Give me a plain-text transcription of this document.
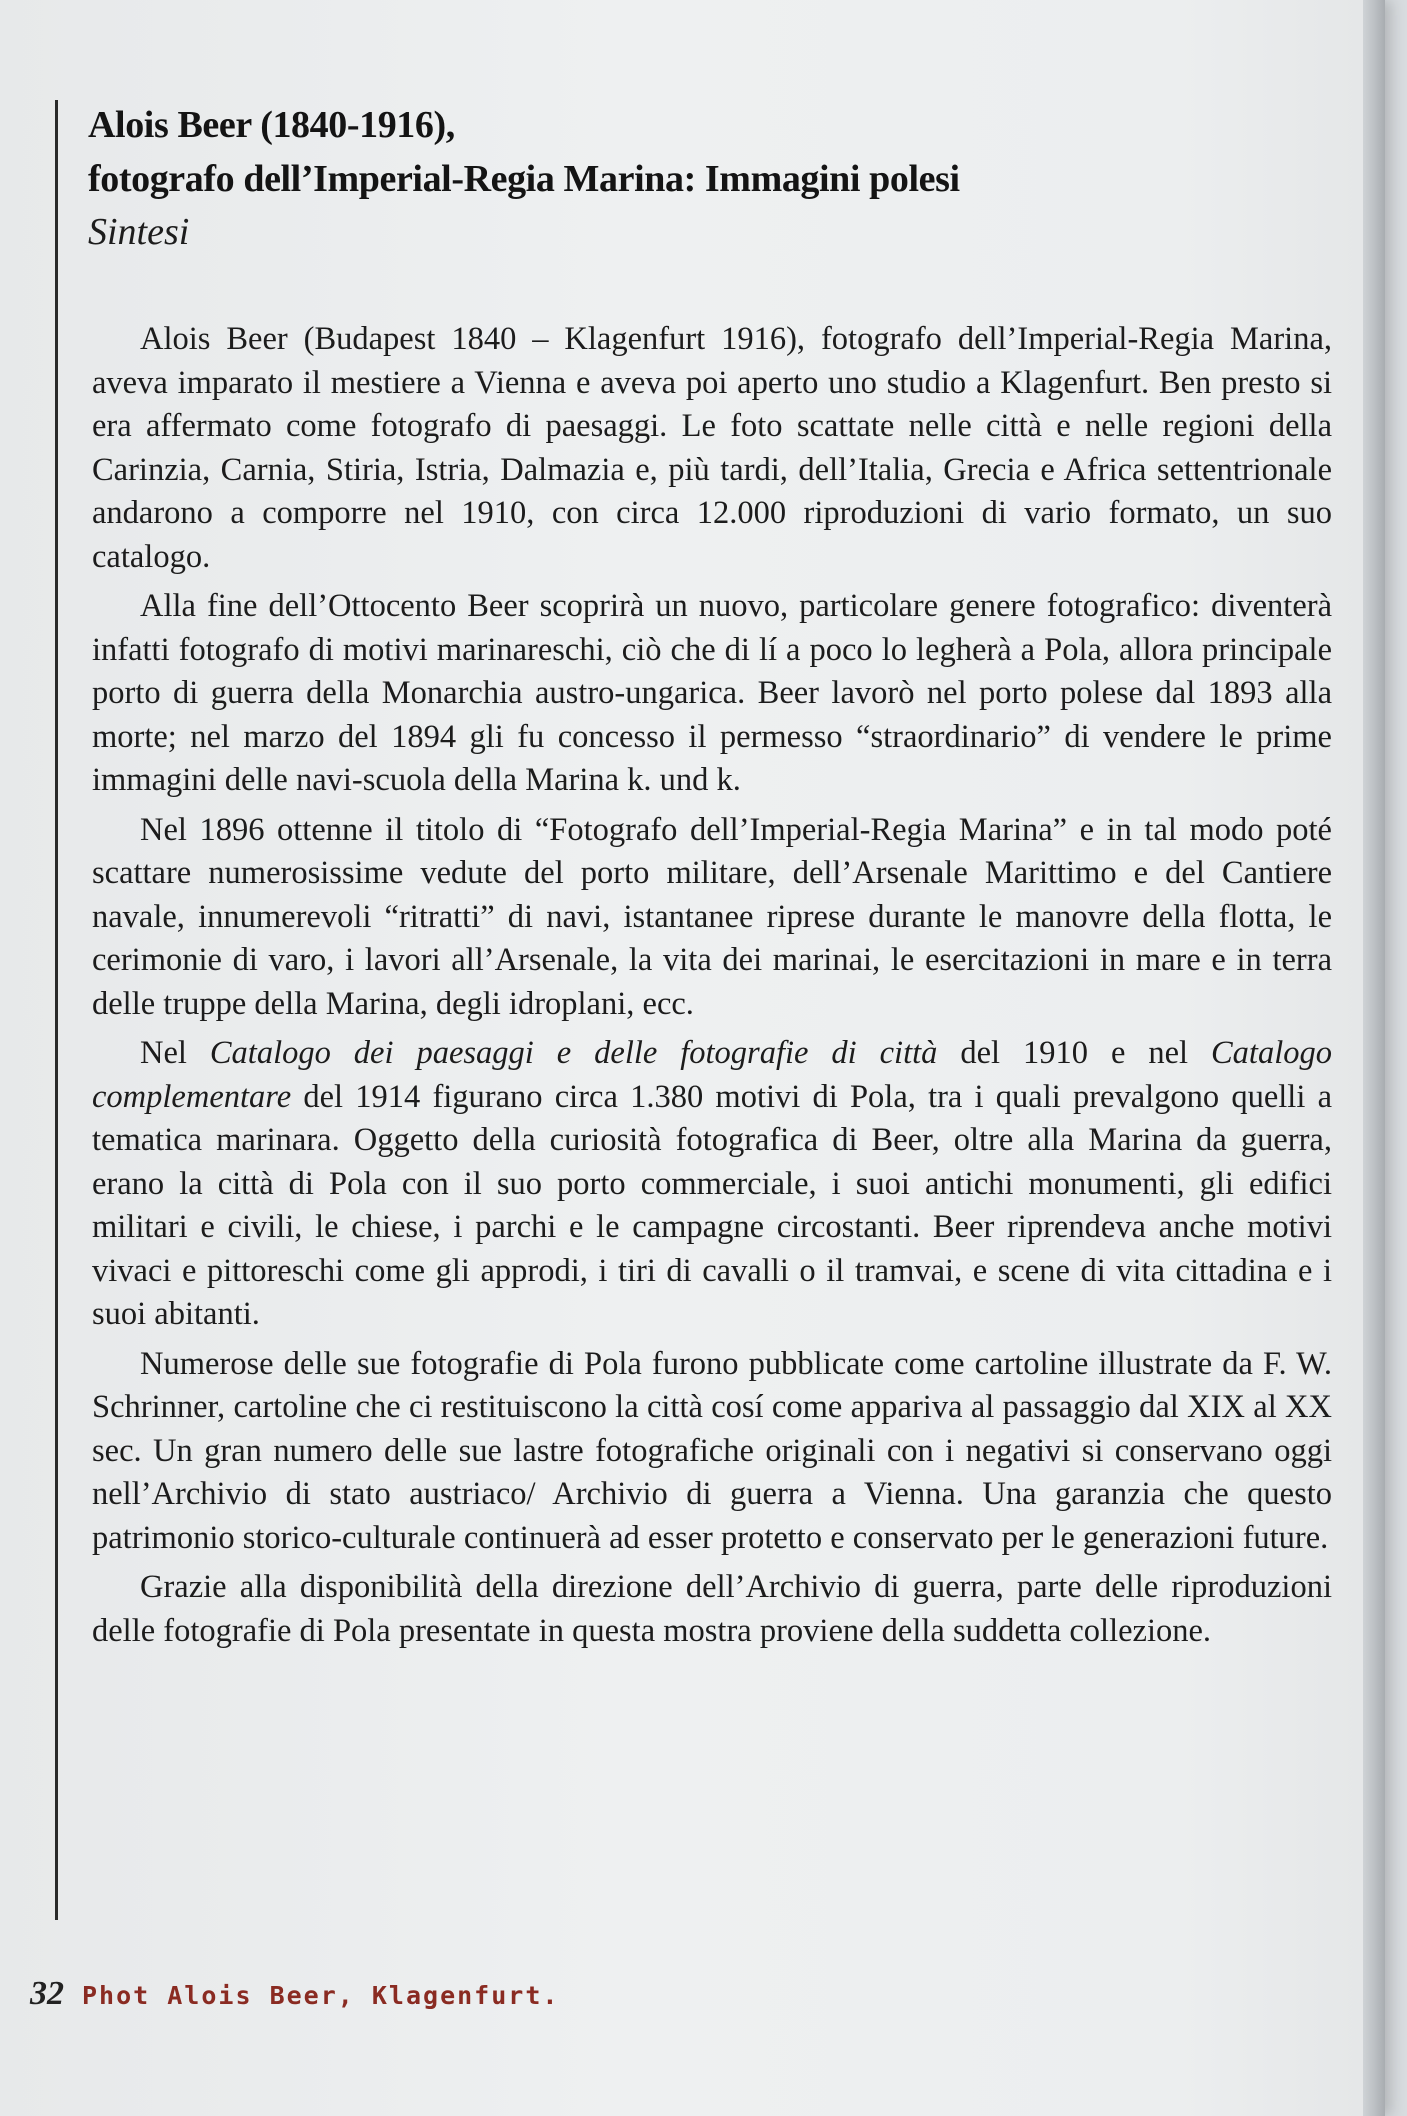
Alois Beer (1840-1916),
fotografo dell’Imperial-Regia Marina: Immagini polesi
Sintesi

Alois Beer (Budapest 1840 – Klagenfurt 1916), fotografo dell’Imperial-Regia Marina, aveva imparato il mestiere a Vienna e aveva poi aperto uno studio a Klagenfurt. Ben presto si era affermato come fotografo di paesaggi. Le foto scattate nelle città e nelle regioni della Carinzia, Carnia, Stiria, Istria, Dalmazia e, più tardi, dell’Italia, Grecia e Africa settentrionale andarono a comporre nel 1910, con circa 12.000 riproduzioni di vario formato, un suo catalogo.

Alla fine dell’Ottocento Beer scoprirà un nuovo, particolare genere fotografico: diventerà infatti fotografo di motivi marinareschi, ciò che di lí a poco lo legherà a Pola, allora principale porto di guerra della Monarchia austro-ungarica. Beer lavorò nel porto polese dal 1893 alla morte; nel marzo del 1894 gli fu concesso il permesso “straordinario” di vendere le prime immagini delle navi-scuola della Marina k. und k.

Nel 1896 ottenne il titolo di “Fotografo dell’Imperial-Regia Marina” e in tal modo poté scattare numerosissime vedute del porto militare, dell’Arsenale Marittimo e del Cantiere navale, innumerevoli “ritratti” di navi, istantanee riprese durante le manovre della flotta, le cerimonie di varo, i lavori all’Arsenale, la vita dei marinai, le esercitazioni in mare e in terra delle truppe della Marina, degli idroplani, ecc.

Nel Catalogo dei paesaggi e delle fotografie di città del 1910 e nel Catalogo complementare del 1914 figurano circa 1.380 motivi di Pola, tra i quali prevalgono quelli a tematica marinara. Oggetto della curiosità fotografica di Beer, oltre alla Marina da guerra, erano la città di Pola con il suo porto commerciale, i suoi antichi monumenti, gli edifici militari e civili, le chiese, i parchi e le campagne circostanti. Beer riprendeva anche motivi vivaci e pittoreschi come gli approdi, i tiri di cavalli o il tramvai, e scene di vita cittadina e i suoi abitanti.

Numerose delle sue fotografie di Pola furono pubblicate come cartoline illustrate da F. W. Schrinner, cartoline che ci restituiscono la città cosí come appariva al passaggio dal XIX al XX sec. Un gran numero delle sue lastre fotografiche originali con i negativi si conservano oggi nell’Archivio di stato austriaco/ Archivio di guerra a Vienna. Una garanzia che questo patrimonio storico-culturale continuerà ad esser protetto e conservato per le generazioni future.

Grazie alla disponibilità della direzione dell’Archivio di guerra, parte delle riproduzioni delle fotografie di Pola presentate in questa mostra proviene della suddetta collezione.

32 Phot Alois Beer, Klagenfurt.
